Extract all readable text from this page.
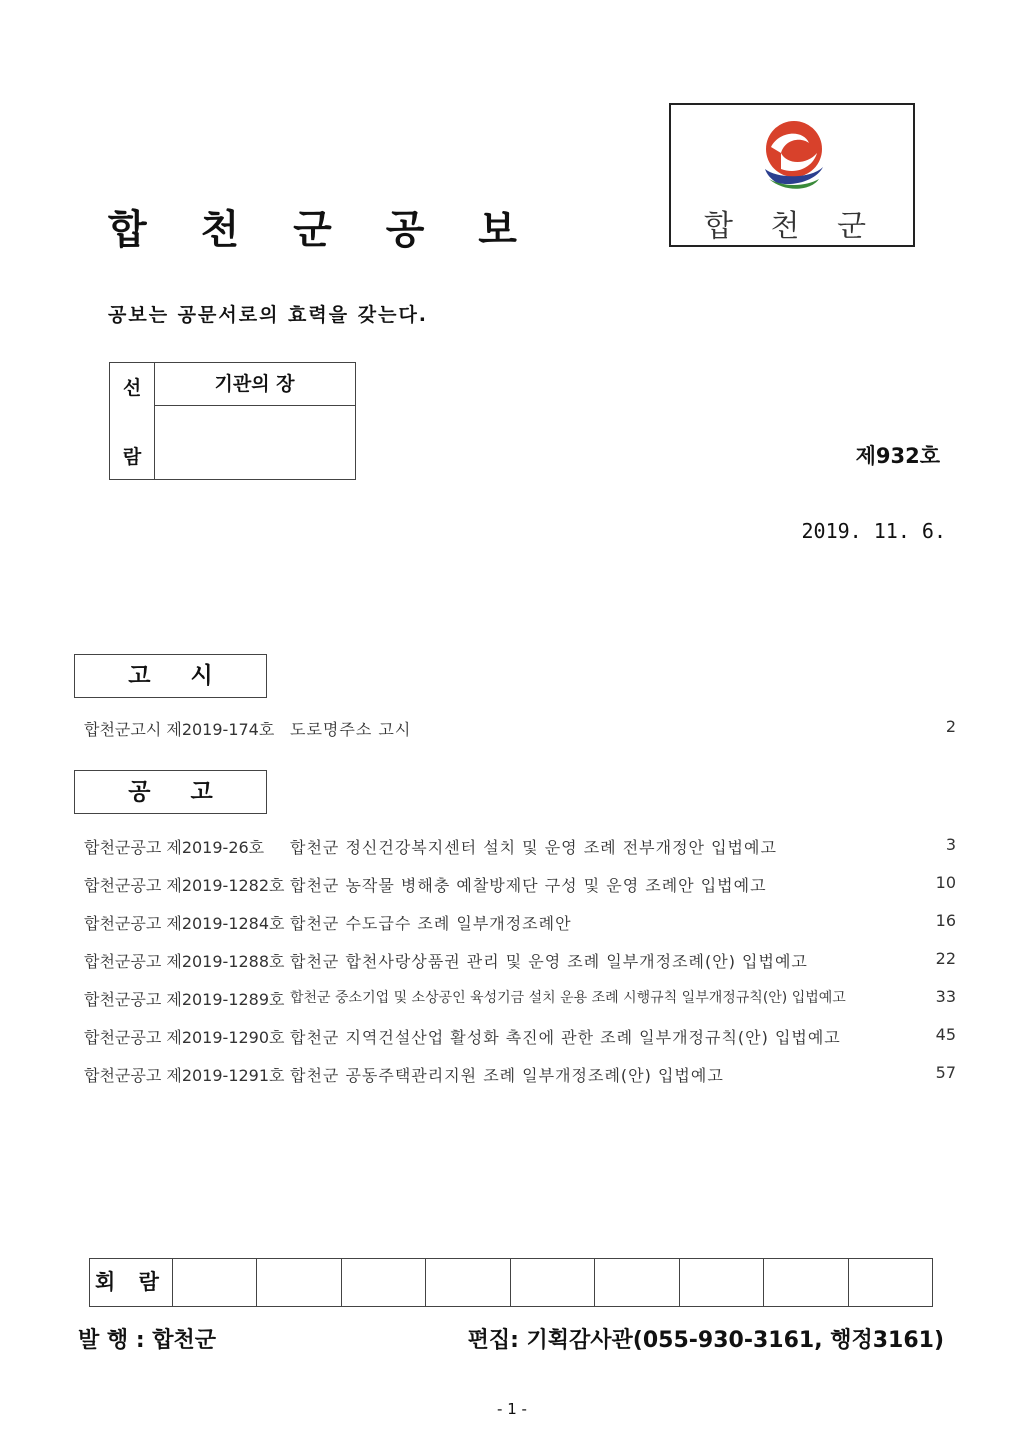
합 천 군 공 보	합 천 군
공보는 공문서로의 효력을 갖는다.
선
람
기관의 장
제932호
2019. 11. 6.
고시
합천군고시 제2019-174호 도로명주소 고시	2
공고
합천군공고 제2019-26호 합천군 정신건강복지센터 설치 및 운영 조례 전부개정안 입법예고	3
합천군공고 제2019-1282호 합천군 농작물 병해충 예찰방제단 구성 및 운영 조례안 입법예고	10
합천군공고 제2019-1284호 합천군 수도급수 조례 일부개정조례안	16
합천군공고 제2019-1288호 합천군 합천사랑상품권 관리 및 운영 조례 일부개정조례(안) 입법예고	22
합천군공고 제2019-1289호 합천군 중소기업 및 소상공인 육성기금 설치 운용 조례 시행규칙 일부개정규칙(안) 입법예고	33
합천군공고 제2019-1290호 합천군 지역건설산업 활성화 촉진에 관한 조례 일부개정규칙(안) 입법예고	45
합천군공고 제2019-1291호 합천군 공동주택관리지원 조례 일부개정조례(안) 입법예고	57
회 람
발 행 : 합천군	편집: 기획감사관(055-930-3161, 행정3161)
- 1 -
